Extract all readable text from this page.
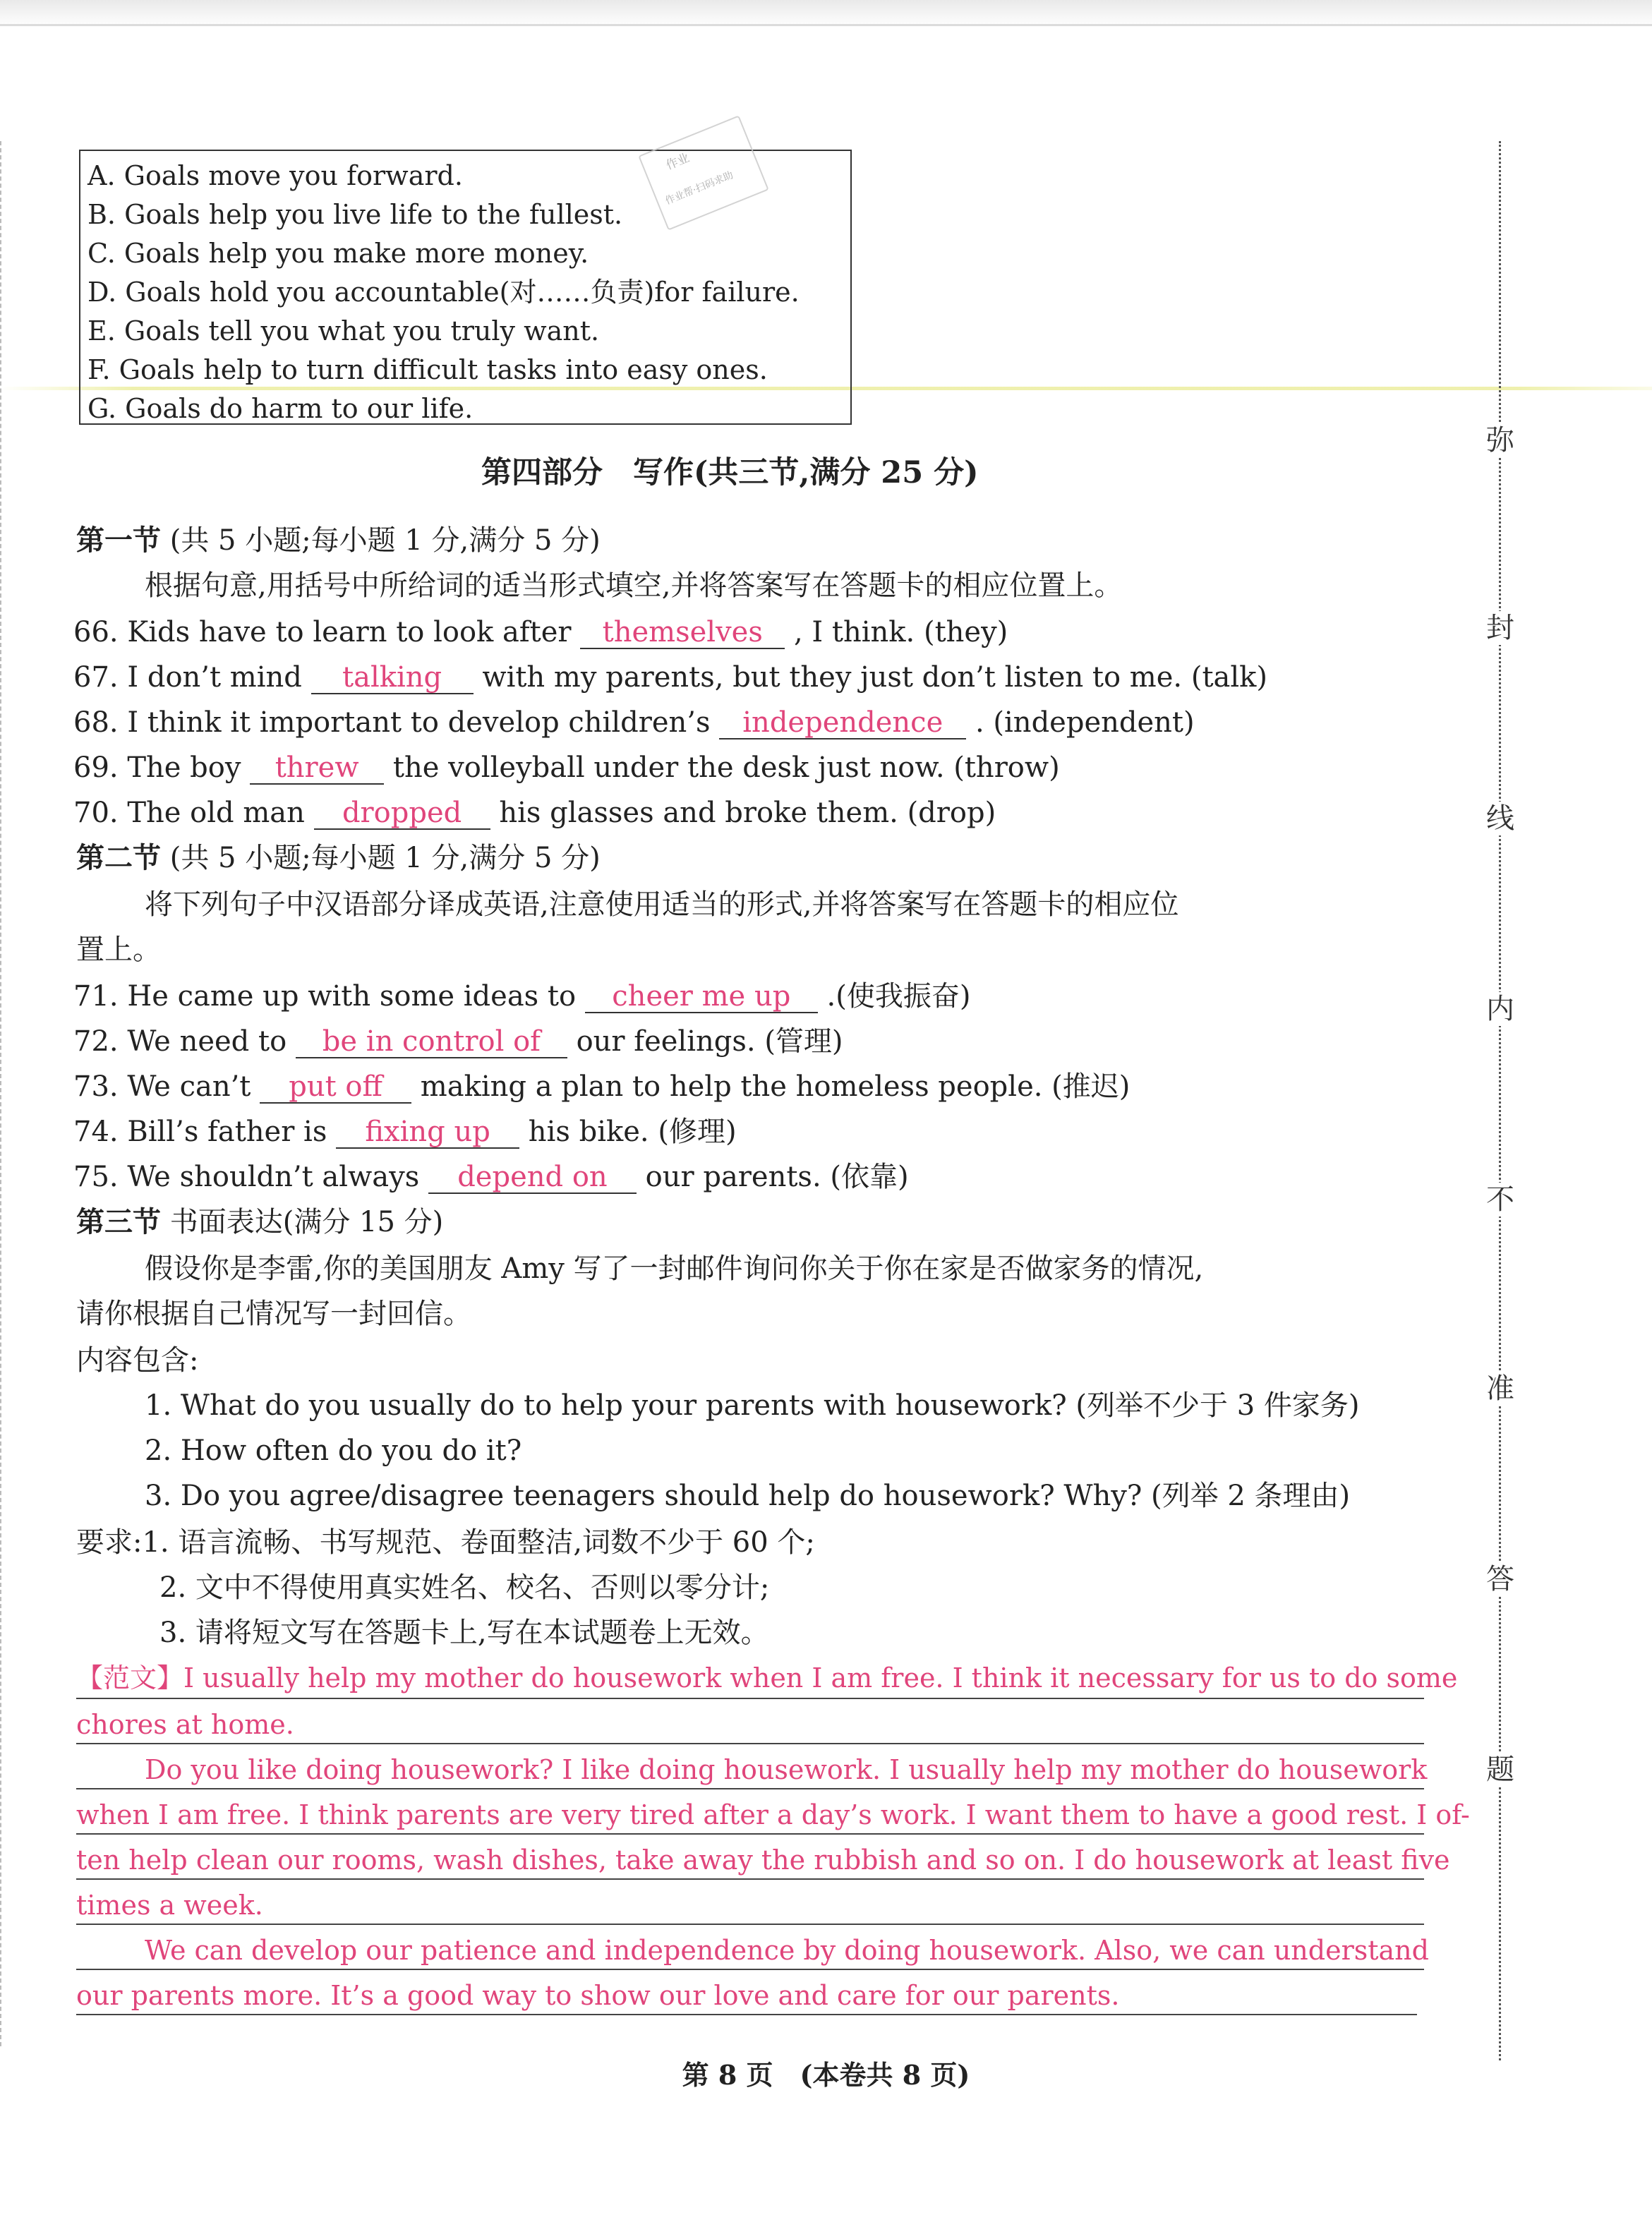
A. Goals move you forward.
B. Goals help you live life to the fullest.
C. Goals help you make more money.
D. Goals hold you accountable(对……负责)for failure.
E. Goals tell you what you truly want.
F. Goals help to turn difficult tasks into easy ones.
G. Goals do harm to our life.
作业
作业帮·扫码求助
第四部分　写作(共三节,满分 25 分)
第一节 (共 5 小题;每小题 1 分,满分 5 分)
根据句意,用括号中所给词的适当形式填空,并将答案写在答题卡的相应位置上。
66. Kids have to learn to look after themselves , I think. (they)
67. I don’t mind talking with my parents, but they just don’t listen to me. (talk)
68. I think it important to develop children’s independence . (independent)
69. The boy threw the volleyball under the desk just now. (throw)
70. The old man dropped his glasses and broke them. (drop)
第二节 (共 5 小题;每小题 1 分,满分 5 分)
将下列句子中汉语部分译成英语,注意使用适当的形式,并将答案写在答题卡的相应位
置上。
71. He came up with some ideas to cheer me up .(使我振奋)
72. We need to be in control of our feelings. (管理)
73. We can’t put off making a plan to help the homeless people. (推迟)
74. Bill’s father is fixing up his bike. (修理)
75. We shouldn’t always depend on our parents. (依靠)
第三节 书面表达(满分 15 分)
假设你是李雷,你的美国朋友 Amy 写了一封邮件询问你关于你在家是否做家务的情况,
请你根据自己情况写一封回信。
内容包含:
1. What do you usually do to help your parents with housework? (列举不少于 3 件家务)
2. How often do you do it?
3. Do you agree/disagree teenagers should help do housework? Why? (列举 2 条理由)
要求:1. 语言流畅、书写规范、卷面整洁,词数不少于 60 个;
2. 文中不得使用真实姓名、校名、否则以零分计;
3. 请将短文写在答题卡上,写在本试题卷上无效。
【范文】I usually help my mother do housework when I am free. I think it necessary for us to do some
chores at home.
Do you like doing housework? I like doing housework. I usually help my mother do housework
when I am free. I think parents are very tired after a day’s work. I want them to have a good rest. I of-
ten help clean our rooms, wash dishes, take away the rubbish and so on. I do housework at least five
times a week.
We can develop our patience and independence by doing housework. Also, we can understand
our parents more. It’s a good way to show our love and care for our parents.
弥
封
线
内
不
准
答
题
第 8 页　(本卷共 8 页)
